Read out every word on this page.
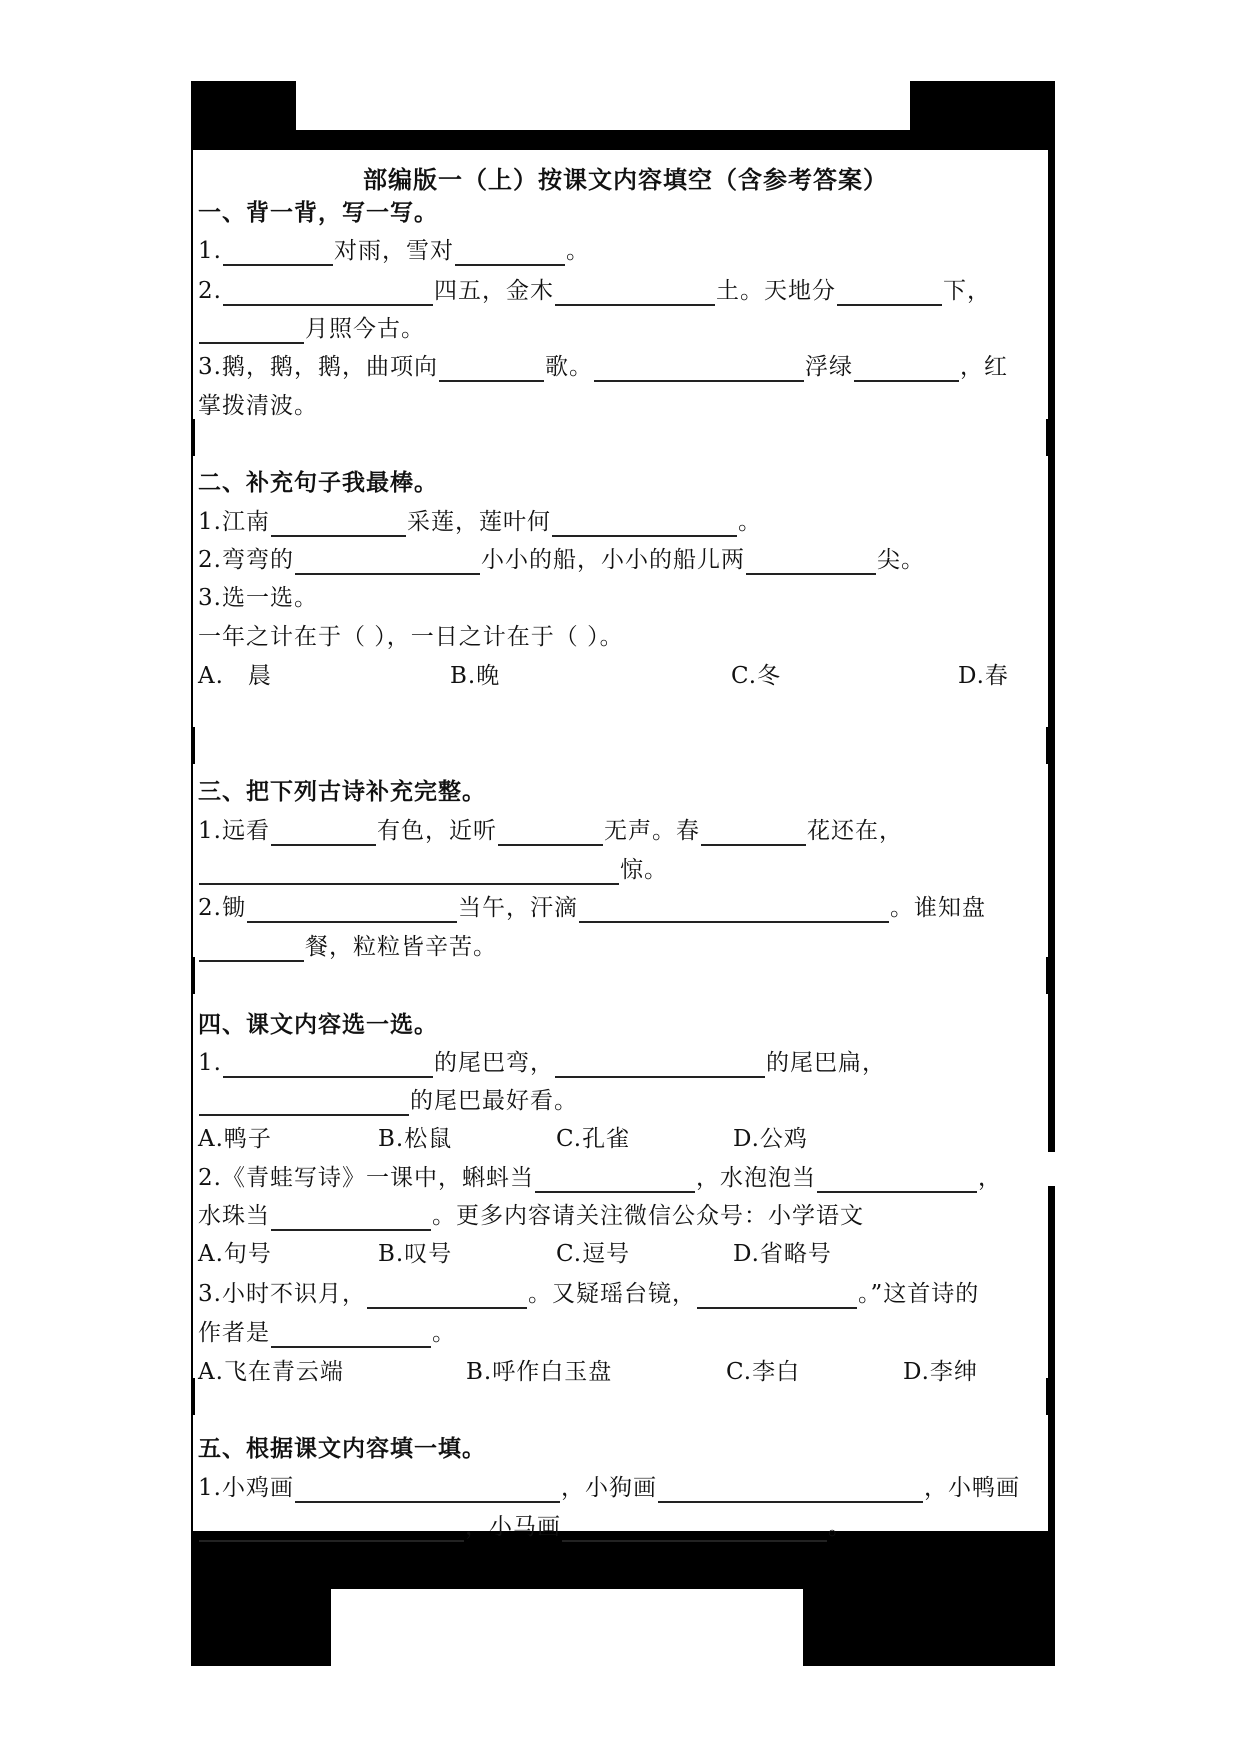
部编版一（上）按课文内容填空（含参考答案）
一、背一背，写一写。
1.	对雨，雪对	。
2.	四五，金木	土。天地分	下，
月照今古。
3.鹅，鹅，鹅，曲项向	歌。	浮绿	，红
掌拨清波。
二、补充句子我最棒。
1.江南	采莲，莲叶何	。
2.弯弯的	小小的船，小小的船儿两	尖。
3.选一选。
一年之计在于（ ），一日之计在于（ ）。
A.　晨	B.晚	C.冬	D.春
三、把下列古诗补充完整。
1.远看	有色，近听	无声。春	花还在，
惊。
2.锄	当午，汗滴	。谁知盘
餐，粒粒皆辛苦。
四、课文内容选一选。
1.	的尾巴弯，	的尾巴扁，
的尾巴最好看。
A.鸭子	B.松鼠	C.孔雀	D.公鸡
2.《青蛙写诗》一课中，蝌蚪当	，水泡泡当	，
水珠当	。更多内容请关注微信公众号：小学语文
A.句号	B.叹号	C.逗号	D.省略号
3.小时不识月，	。又疑瑶台镜，	。”这首诗的
作者是	。
A.飞在青云端	B.呼作白玉盘	C.李白	D.李绅
五、根据课文内容填一填。
1.小鸡画	，小狗画	，小鸭画
，小马画	。
